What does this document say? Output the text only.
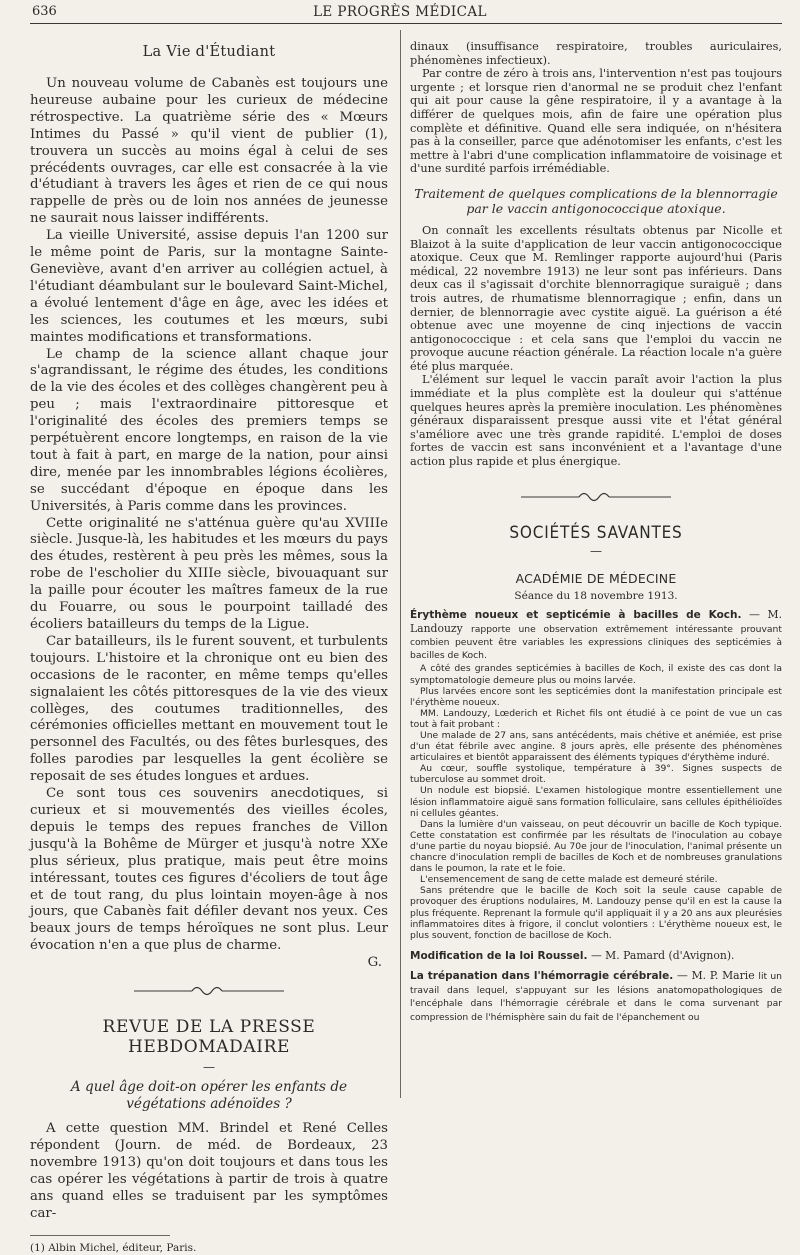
636	LE PROGRÈS MÉDICAL
La Vie d'Étudiant

Un nouveau volume de Cabanès est toujours une heureuse aubaine pour les curieux de médecine rétrospective. La quatrième série des « Mœurs Intimes du Passé » qu'il vient de publier (1), trouvera un succès au moins égal à celui de ses précédents ouvrages, car elle est consacrée à la vie d'étudiant à travers les âges et rien de ce qui nous rappelle de près ou de loin nos années de jeunesse ne saurait nous laisser indifférents.

La vieille Université, assise depuis l'an 1200 sur le même point de Paris, sur la montagne Sainte-Geneviève, avant d'en arriver au collégien actuel, à l'étudiant déambulant sur le boulevard Saint-Michel, a évolué lentement d'âge en âge, avec les idées et les sciences, les coutumes et les mœurs, subi maintes modifications et transformations.

Le champ de la science allant chaque jour s'agrandissant, le régime des études, les conditions de la vie des écoles et des collèges changèrent peu à peu ; mais l'extraordinaire pittoresque et l'originalité des écoles des premiers temps se perpétuèrent encore longtemps, en raison de la vie tout à fait à part, en marge de la nation, pour ainsi dire, menée par les innombrables légions écolières, se succédant d'époque en époque dans les Universités, à Paris comme dans les provinces.

Cette originalité ne s'atténua guère qu'au XVIIIe siècle. Jusque-là, les habitudes et les mœurs du pays des études, restèrent à peu près les mêmes, sous la robe de l'escholier du XIIIe siècle, bivouaquant sur la paille pour écouter les maîtres fameux de la rue du Fouarre, ou sous le pourpoint tailladé des écoliers batailleurs du temps de la Ligue.

Car batailleurs, ils le furent souvent, et turbulents toujours. L'histoire et la chronique ont eu bien des occasions de le raconter, en même temps qu'elles signalaient les côtés pittoresques de la vie des vieux collèges, des coutumes traditionnelles, des cérémonies officielles mettant en mouvement tout le personnel des Facultés, ou des fêtes burlesques, des folles parodies par lesquelles la gent écolière se reposait de ses études longues et ardues.

Ce sont tous ces souvenirs anecdotiques, si curieux et si mouvementés des vieilles écoles, depuis le temps des repues franches de Villon jusqu'à la Bohême de Mürger et jusqu'à notre XXe plus sérieux, plus pratique, mais peut être moins intéressant, toutes ces figures d'écoliers de tout âge et de tout rang, du plus lointain moyen-âge à nos jours, que Cabanès fait défiler devant nos yeux. Ces beaux jours de temps héroïques ne sont plus. Leur évocation n'en a que plus de charme.

G.

REVUE DE LA PRESSE HEBDOMADAIRE
—
A quel âge doit-on opérer les enfants de végétations adénoïdes ?

A cette question MM. Brindel et René Celles répondent (Journ. de méd. de Bordeaux, 23 novembre 1913) qu'on doit toujours et dans tous les cas opérer les végétations à partir de trois à quatre ans quand elles se traduisent par les symptômes car-

(1) Albin Michel, éditeur, Paris.

dinaux (insuffisance respiratoire, troubles auriculaires, phénomènes infectieux).

Par contre de zéro à trois ans, l'intervention n'est pas toujours urgente ; et lorsque rien d'anormal ne se produit chez l'enfant qui ait pour cause la gêne respiratoire, il y a avantage à la différer de quelques mois, afin de faire une opération plus complète et définitive. Quand elle sera indiquée, on n'hésitera pas à la conseiller, parce que adénotomiser les enfants, c'est les mettre à l'abri d'une complication inflammatoire de voisinage et d'une surdité parfois irrémédiable.

Traitement de quelques complications de la blennorragie par le vaccin antigonococcique atoxique.

On connaît les excellents résultats obtenus par Nicolle et Blaizot à la suite d'application de leur vaccin antigonococcique atoxique. Ceux que M. Remlinger rapporte aujourd'hui (Paris médical, 22 novembre 1913) ne leur sont pas inférieurs. Dans deux cas il s'agissait d'orchite blennorragique suraiguë ; dans trois autres, de rhumatisme blennorragique ; enfin, dans un dernier, de blennorragie avec cystite aiguë. La guérison a été obtenue avec une moyenne de cinq injections de vaccin antigonococcique : et cela sans que l'emploi du vaccin ne provoque aucune réaction générale. La réaction locale n'a guère été plus marquée.

L'élément sur lequel le vaccin paraît avoir l'action la plus immédiate et la plus complète est la douleur qui s'atténue quelques heures après la première inoculation. Les phénomènes généraux disparaissent presque aussi vite et l'état général s'améliore avec une très grande rapidité. L'emploi de doses fortes de vaccin est sans inconvénient et a l'avantage d'une action plus rapide et plus énergique.

SOCIÉTÉS SAVANTES
—
ACADÉMIE DE MÉDECINE
Séance du 18 novembre 1913.

Érythème noueux et septicémie à bacilles de Koch. — M. Landouzy rapporte une observation extrêmement intéressante prouvant combien peuvent être variables les expressions cliniques des septicémies à bacilles de Koch.

A côté des grandes septicémies à bacilles de Koch, il existe des cas dont la symptomatologie demeure plus ou moins larvée.

Plus larvées encore sont les septicémies dont la manifestation principale est l'érythème noueux.

MM. Landouzy, Lœderich et Richet fils ont étudié à ce point de vue un cas tout à fait probant :

Une malade de 27 ans, sans antécédents, mais chétive et anémiée, est prise d'un état fébrile avec angine. 8 jours après, elle présente des phénomènes articulaires et bientôt apparaissent des éléments typiques d'érythème induré.

Au cœur, souffle systolique, température à 39°. Signes suspects de tuberculose au sommet droit.

Un nodule est biopsié. L'examen histologique montre essentiellement une lésion inflammatoire aiguë sans formation folliculaire, sans cellules épithélioïdes ni cellules géantes.

Dans la lumière d'un vaisseau, on peut découvrir un bacille de Koch typique. Cette constatation est confirmée par les résultats de l'inoculation au cobaye d'une partie du noyau biopsié. Au 70e jour de l'inoculation, l'animal présente un chancre d'inoculation rempli de bacilles de Koch et de nombreuses granulations dans le poumon, la rate et le foie.

L'ensemencement de sang de cette malade est demeuré stérile.

Sans prétendre que le bacille de Koch soit la seule cause capable de provoquer des éruptions nodulaires, M. Landouzy pense qu'il en est la cause la plus fréquente. Reprenant la formule qu'il appliquait il y a 20 ans aux pleurésies inflammatoires dites à frigore, il conclut volontiers : L'érythème noueux est, le plus souvent, fonction de bacillose de Koch.

Modification de la loi Roussel. — M. Pamard (d'Avignon).

La trépanation dans l'hémorragie cérébrale. — M. P. Marie lit un travail dans lequel, s'appuyant sur les lésions anatomopathologiques de l'encéphale dans l'hémorragie cérébrale et dans le coma survenant par compression de l'hémisphère sain du fait de l'épanchement ou
